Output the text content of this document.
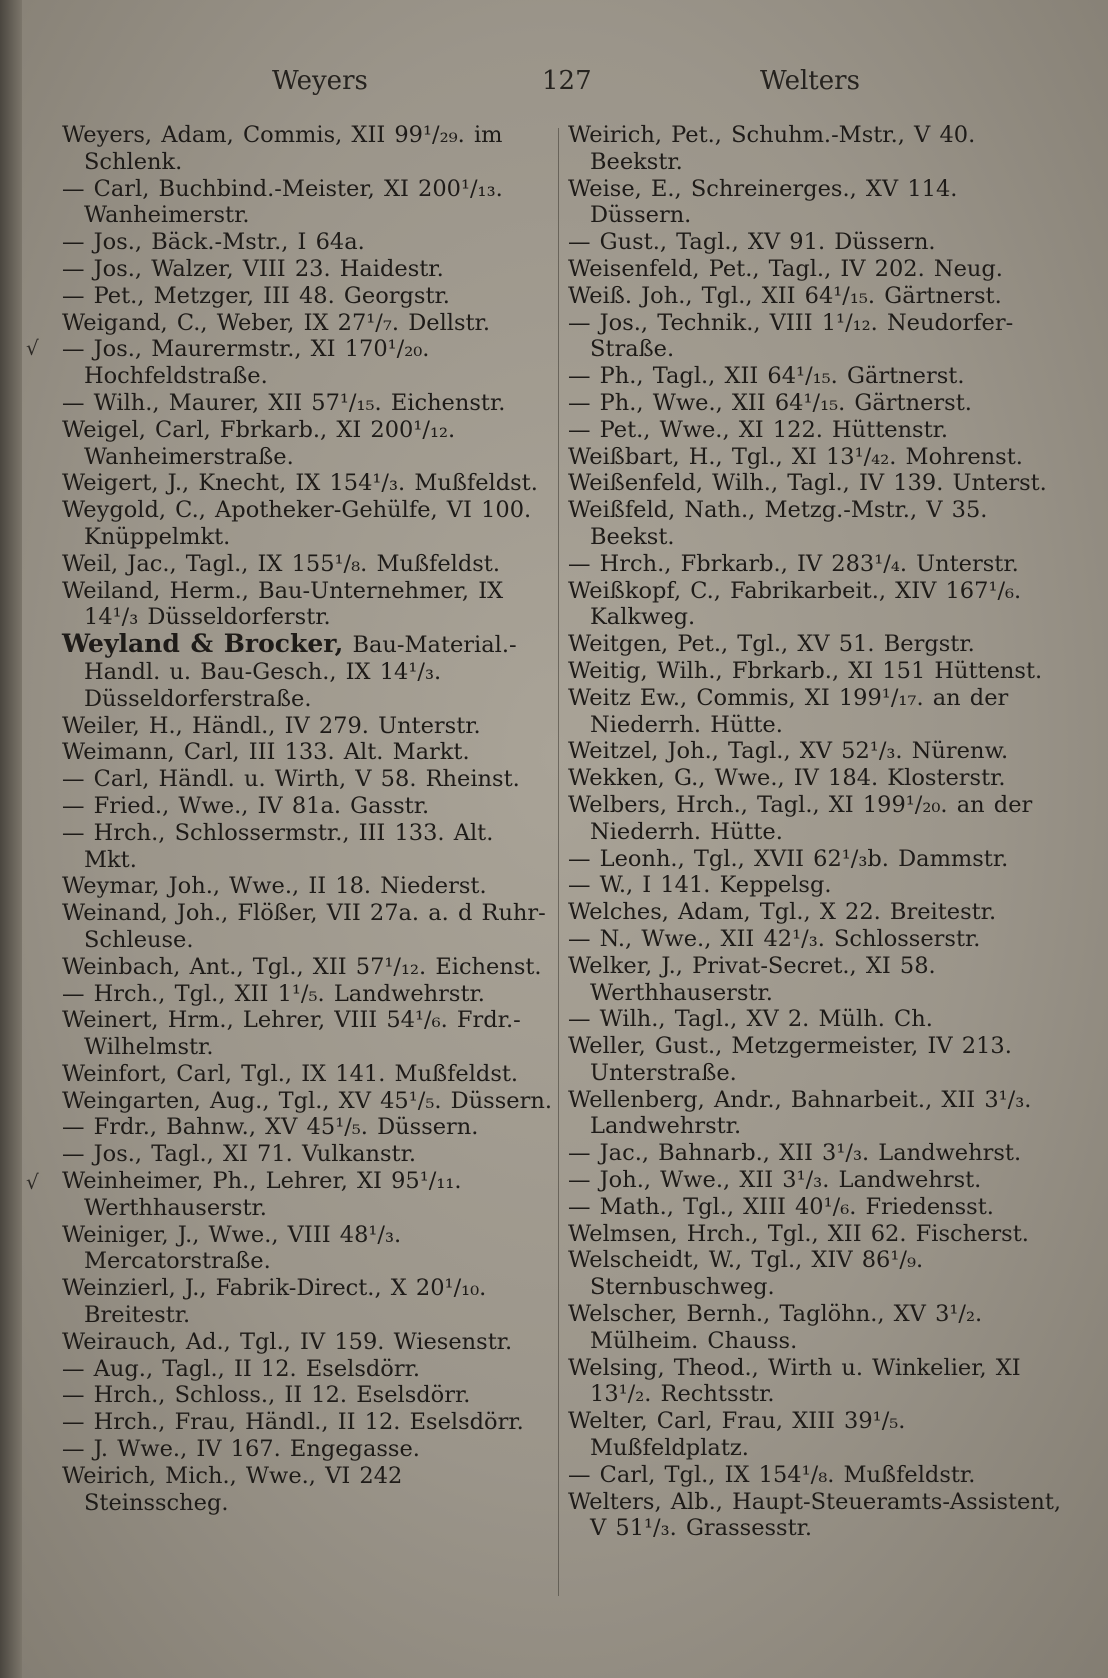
Weyers	127	Welters
√
√

Weyers, Adam, Commis, XII 99¹/₂₉. im Schlenk.

— Carl, Buchbind.-Meister, XI 200¹/₁₃. Wanheimerstr.

— Jos., Bäck.-Mstr., I 64a.

— Jos., Walzer, VIII 23. Haidestr.

— Pet., Metzger, III 48. Georgstr.

Weigand, C., Weber, IX 27¹/₇. Dellstr.

— Jos., Maurermstr., XI 170¹/₂₀. Hochfeldstraße.

— Wilh., Maurer, XII 57¹/₁₅. Eichenstr.

Weigel, Carl, Fbrkarb., XI 200¹/₁₂. Wanheimerstraße.

Weigert, J., Knecht, IX 154¹/₃. Mußfeldst.

Weygold, C., Apotheker-Gehülfe, VI 100. Knüppelmkt.

Weil, Jac., Tagl., IX 155¹/₈. Mußfeldst.

Weiland, Herm., Bau-Unternehmer, IX 14¹/₃ Düsseldorferstr.

Weyland & Brocker, Bau-Material.-Handl. u. Bau-Gesch., IX 14¹/₃. Düsseldorferstraße.

Weiler, H., Händl., IV 279. Unterstr.

Weimann, Carl, III 133. Alt. Markt.

— Carl, Händl. u. Wirth, V 58. Rheinst.

— Fried., Wwe., IV 81a. Gasstr.

— Hrch., Schlossermstr., III 133. Alt. Mkt.

Weymar, Joh., Wwe., II 18. Niederst.

Weinand, Joh., Flößer, VII 27a. a. d Ruhr-Schleuse.

Weinbach, Ant., Tgl., XII 57¹/₁₂. Eichenst.

— Hrch., Tgl., XII 1¹/₅. Landwehrstr.

Weinert, Hrm., Lehrer, VIII 54¹/₆. Frdr.-Wilhelmstr.

Weinfort, Carl, Tgl., IX 141. Mußfeldst.

Weingarten, Aug., Tgl., XV 45¹/₅. Düssern.

— Frdr., Bahnw., XV 45¹/₅. Düssern.

— Jos., Tagl., XI 71. Vulkanstr.

Weinheimer, Ph., Lehrer, XI 95¹/₁₁. Werthhauserstr.

Weiniger, J., Wwe., VIII 48¹/₃. Mercatorstraße.

Weinzierl, J., Fabrik-Direct., X 20¹/₁₀. Breitestr.

Weirauch, Ad., Tgl., IV 159. Wiesenstr.

— Aug., Tagl., II 12. Eselsdörr.

— Hrch., Schloss., II 12. Eselsdörr.

— Hrch., Frau, Händl., II 12. Eselsdörr.

— J. Wwe., IV 167. Engegasse.

Weirich, Mich., Wwe., VI 242 Steinsscheg.

Weirich, Pet., Schuhm.-Mstr., V 40. Beekstr.

Weise, E., Schreinerges., XV 114. Düssern.

— Gust., Tagl., XV 91. Düssern.

Weisenfeld, Pet., Tagl., IV 202. Neug.

Weiß. Joh., Tgl., XII 64¹/₁₅. Gärtnerst.

— Jos., Technik., VIII 1¹/₁₂. Neudorfer-Straße.

— Ph., Tagl., XII 64¹/₁₅. Gärtnerst.

— Ph., Wwe., XII 64¹/₁₅. Gärtnerst.

— Pet., Wwe., XI 122. Hüttenstr.

Weißbart, H., Tgl., XI 13¹/₄₂. Mohrenst.

Weißenfeld, Wilh., Tagl., IV 139. Unterst.

Weißfeld, Nath., Metzg.-Mstr., V 35. Beekst.

— Hrch., Fbrkarb., IV 283¹/₄. Unterstr.

Weißkopf, C., Fabrikarbeit., XIV 167¹/₆. Kalkweg.

Weitgen, Pet., Tgl., XV 51. Bergstr.

Weitig, Wilh., Fbrkarb., XI 151 Hüttenst.

Weitz Ew., Commis, XI 199¹/₁₇. an der Niederrh. Hütte.

Weitzel, Joh., Tagl., XV 52¹/₃. Nürenw.

Wekken, G., Wwe., IV 184. Klosterstr.

Welbers, Hrch., Tagl., XI 199¹/₂₀. an der Niederrh. Hütte.

— Leonh., Tgl., XVII 62¹/₃b. Dammstr.

— W., I 141. Keppelsg.

Welches, Adam, Tgl., X 22. Breitestr.

— N., Wwe., XII 42¹/₃. Schlosserstr.

Welker, J., Privat-Secret., XI 58. Werthhauserstr.

— Wilh., Tagl., XV 2. Mülh. Ch.

Weller, Gust., Metzgermeister, IV 213. Unterstraße.

Wellenberg, Andr., Bahnarbeit., XII 3¹/₃. Landwehrstr.

— Jac., Bahnarb., XII 3¹/₃. Landwehrst.

— Joh., Wwe., XII 3¹/₃. Landwehrst.

— Math., Tgl., XIII 40¹/₆. Friedensst.

Welmsen, Hrch., Tgl., XII 62. Fischerst.

Welscheidt, W., Tgl., XIV 86¹/₉. Sternbuschweg.

Welscher, Bernh., Taglöhn., XV 3¹/₂. Mülheim. Chauss.

Welsing, Theod., Wirth u. Winkelier, XI 13¹/₂. Rechtsstr.

Welter, Carl, Frau, XIII 39¹/₅. Mußfeldplatz.

— Carl, Tgl., IX 154¹/₈. Mußfeldstr.

Welters, Alb., Haupt-Steueramts-Assistent, V 51¹/₃. Grassesstr.
